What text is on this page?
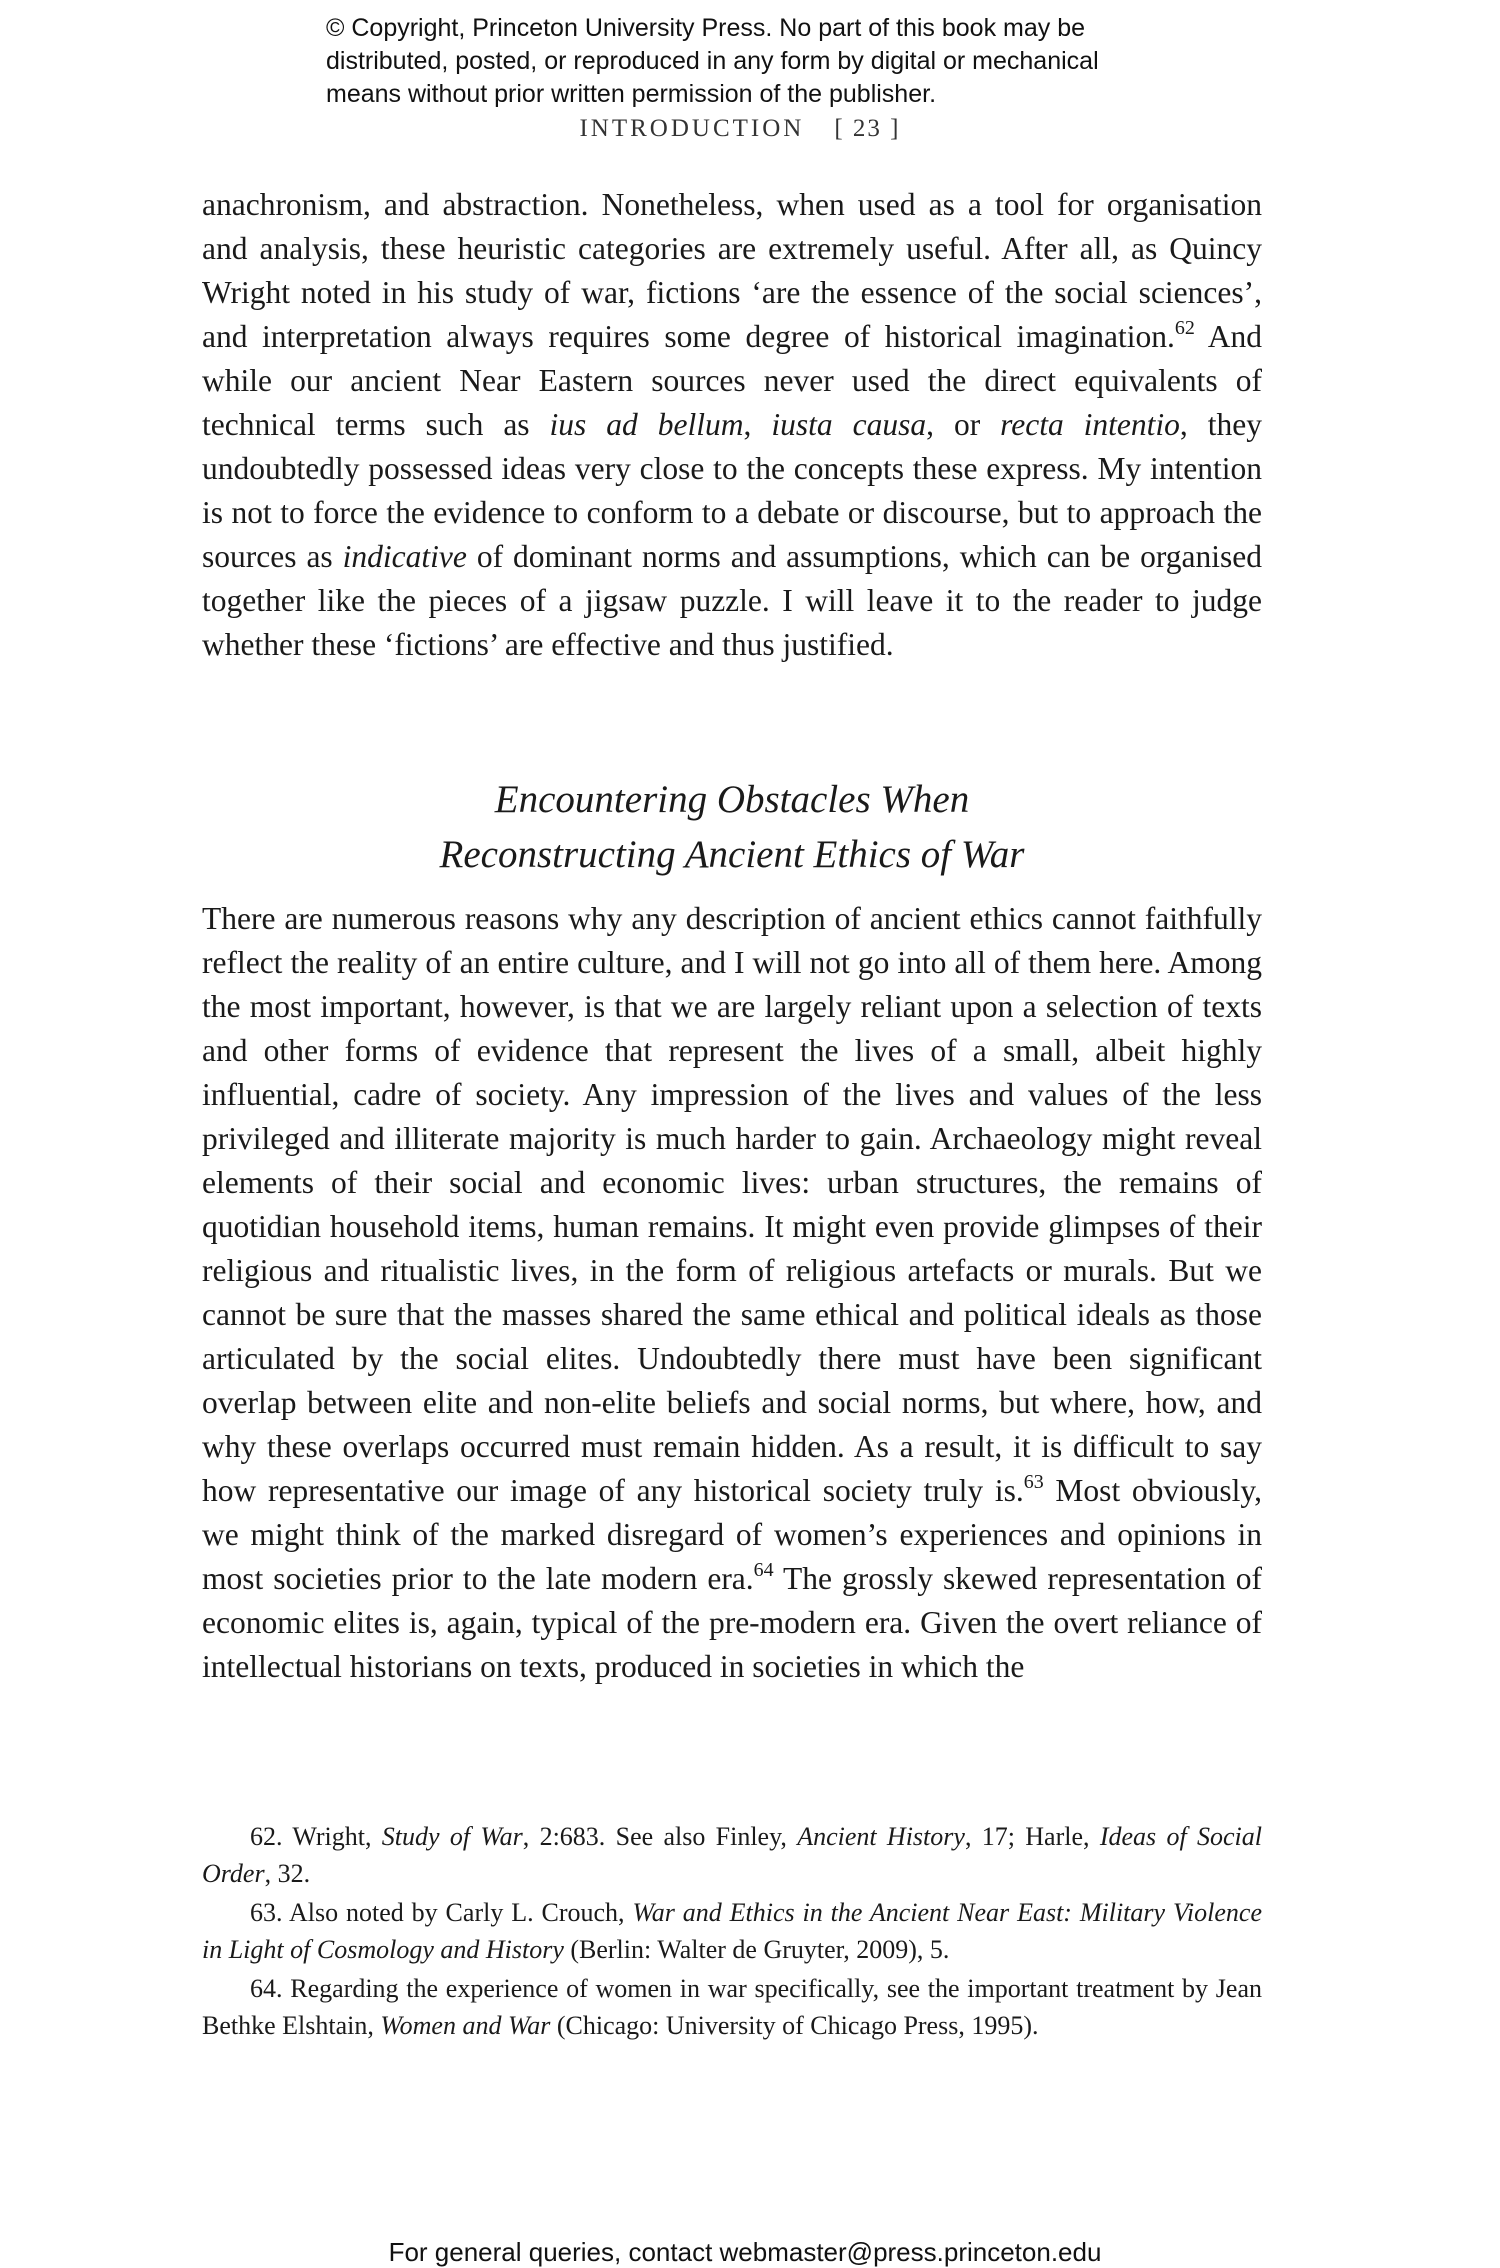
© Copyright, Princeton University Press. No part of this book may be
distributed, posted, or reproduced in any form by digital or mechanical
means without prior written permission of the publisher.
INTRODUCTION [ 23 ]

anachronism, and abstraction. Nonetheless, when used as a tool for organisation and analysis, these heuristic categories are extremely useful. After all, as Quincy Wright noted in his study of war, fictions ‘are the essence of the social sciences’, and interpretation always requires some degree of historical imagination.$^{62}$ And while our ancient Near Eastern sources never used the direct equivalents of technical terms such as ius ad bellum, iusta causa, or recta intentio, they undoubtedly possessed ideas very close to the concepts these express. My intention is not to force the evidence to conform to a debate or discourse, but to approach the sources as indicative of dominant norms and assumptions, which can be organised together like the pieces of a jigsaw puzzle. I will leave it to the reader to judge whether these ‘fictions’ are effective and thus justified.

Encountering Obstacles When
Reconstructing Ancient Ethics of War

There are numerous reasons why any description of ancient ethics cannot faithfully reflect the reality of an entire culture, and I will not go into all of them here. Among the most important, however, is that we are largely reliant upon a selection of texts and other forms of evidence that represent the lives of a small, albeit highly influential, cadre of society. Any impression of the lives and values of the less privileged and illiterate majority is much harder to gain. Archaeology might reveal elements of their social and economic lives: urban structures, the remains of quotidian household items, human remains. It might even provide glimpses of their religious and ritualistic lives, in the form of religious artefacts or murals. But we cannot be sure that the masses shared the same ethical and political ideals as those articulated by the social elites. Undoubtedly there must have been significant overlap between elite and non-elite beliefs and social norms, but where, how, and why these overlaps occurred must remain hidden. As a result, it is difficult to say how representative our image of any historical society truly is.$^{63}$ Most obviously, we might think of the marked disregard of women’s experiences and opinions in most societies prior to the late modern era.$^{64}$ The grossly skewed representation of economic elites is, again, typical of the pre-modern era. Given the overt reliance of intellectual historians on texts, produced in societies in which the

62. Wright, Study of War, 2:683. See also Finley, Ancient History, 17; Harle, Ideas of Social Order, 32.

63. Also noted by Carly L. Crouch, War and Ethics in the Ancient Near East: Military Violence in Light of Cosmology and History (Berlin: Walter de Gruyter, 2009), 5.

64. Regarding the experience of women in war specifically, see the important treatment by Jean Bethke Elshtain, Women and War (Chicago: University of Chicago Press, 1995).

For general queries, contact webmaster@press.princeton.edu
